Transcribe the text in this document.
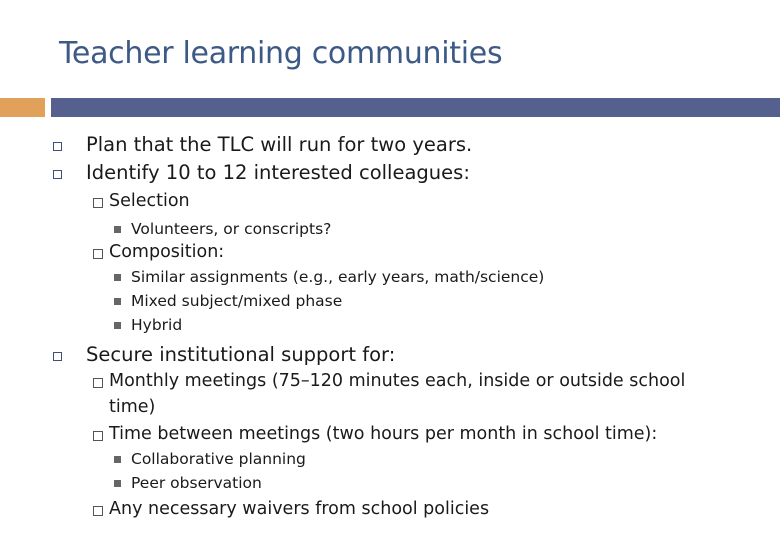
Teacher learning communities
Plan that the TLC will run for two years.
Identify 10 to 12 interested colleagues:
Selection
Volunteers, or conscripts?
Composition:
Similar assignments (e.g., early years, math/science)
Mixed subject/mixed phase
Hybrid
Secure institutional support for:
Monthly meetings (75–120 minutes each, inside or outside school
time)
Time between meetings (two hours per month in school time):
Collaborative planning
Peer observation
Any necessary waivers from school policies
